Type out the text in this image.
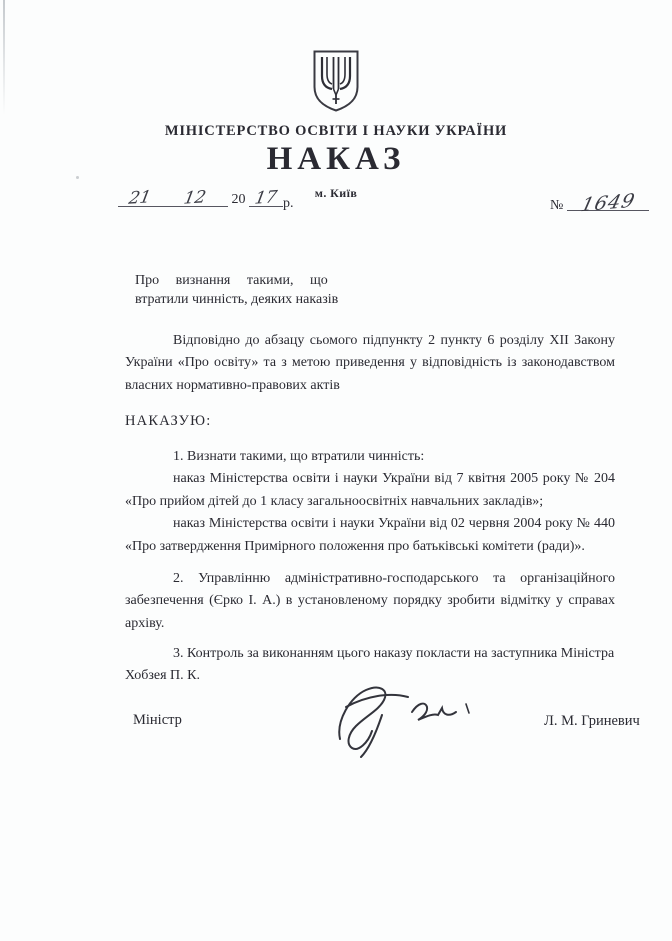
МІНІСТЕРСТВО ОСВІТИ І НАУКИ УКРАЇНИ
НАКАЗ
м. Київ
21 12 20 17 р.	№ 1649
Про визнання такими, що
втратили чинність, деяких наказів
Відповідно до абзацу сьомого підпункту 2 пункту 6 розділу XII Закону України «Про освіту» та з метою приведення у відповідність із законодавством власних нормативно-правових актів
НАКАЗУЮ:

1. Визнати такими, що втратили чинність:

наказ Міністерства освіти і науки України від 7 квітня 2005 року № 204 «Про прийом дітей до 1 класу загальноосвітніх навчальних закладів»;

наказ Міністерства освіти і науки України від 02 червня 2004 року № 440 «Про затвердження Примірного положення про батьківські комітети (ради)».

2. Управлінню адміністративно-господарського та організаційного забезпечення (Єрко І. А.) в установленому порядку зробити відмітку у справах архіву.

3. Контроль за виконанням цього наказу покласти на заступника Міністра

Хобзея П. К.

Міністр	Л. М. Гриневич
